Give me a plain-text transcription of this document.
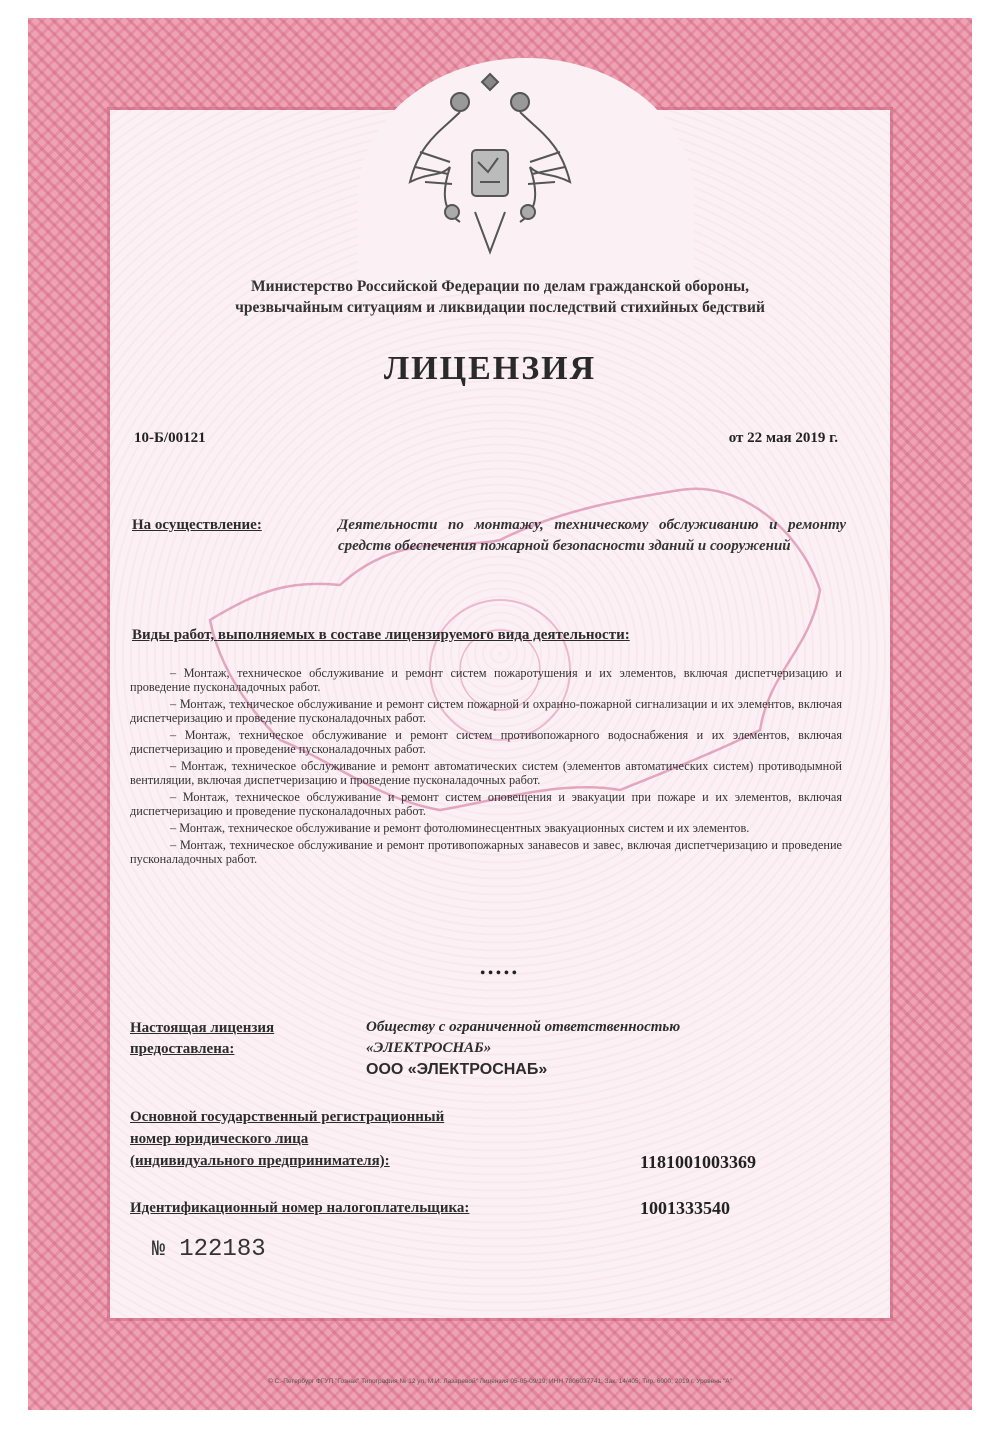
Министерство Российской Федерации по делам гражданской обороны,
чрезвычайным ситуациям и ликвидации последствий стихийных бедствий
ЛИЦЕНЗИЯ
10-Б/00121	от 22 мая 2019 г.
На осуществление:	Деятельности по монтажу, техническому обслуживанию и ремонту средств обеспечения пожарной безопасности зданий и сооружений
Виды работ, выполняемых в составе лицензируемого вида деятельности:

– Монтаж, техническое обслуживание и ремонт систем пожаротушения и их элементов, включая диспетчеризацию и проведение пусконаладочных работ.

– Монтаж, техническое обслуживание и ремонт систем пожарной и охранно-пожарной сигнализации и их элементов, включая диспетчеризацию и проведение пусконаладочных работ.

– Монтаж, техническое обслуживание и ремонт систем противопожарного водоснабжения и их элементов, включая диспетчеризацию и проведение пусконаладочных работ.

– Монтаж, техническое обслуживание и ремонт автоматических систем (элементов автоматических систем) противодымной вентиляции, включая диспетчеризацию и проведение пусконаладочных работ.

– Монтаж, техническое обслуживание и ремонт систем оповещения и эвакуации при пожаре и их элементов, включая диспетчеризацию и проведение пусконаладочных работ.

– Монтаж, техническое обслуживание и ремонт фотолюминесцентных эвакуационных систем и их элементов.

– Монтаж, техническое обслуживание и ремонт противопожарных занавесов и завес, включая диспетчеризацию и проведение пусконаладочных работ.

•••••
Настоящая лицензия
предоставлена:
Обществу с ограниченной ответственностью
«ЭЛЕКТРОСНАБ»
ООО «ЭЛЕКТРОСНАБ»
Основной государственный регистрационный
номер юридического лица
(индивидуального предпринимателя):	1181001003369
Идентификационный номер налогоплательщика:	1001333540
№ 122183
© С.-Петербург ФГУП "Гознак" Типография № 12 ул. М.И. Лазаревой" Лицензия 05-05-09/19; ИНН 7806037741; Зак. 14/405; Тир. 6000; 2019 г. Уровень "А"
